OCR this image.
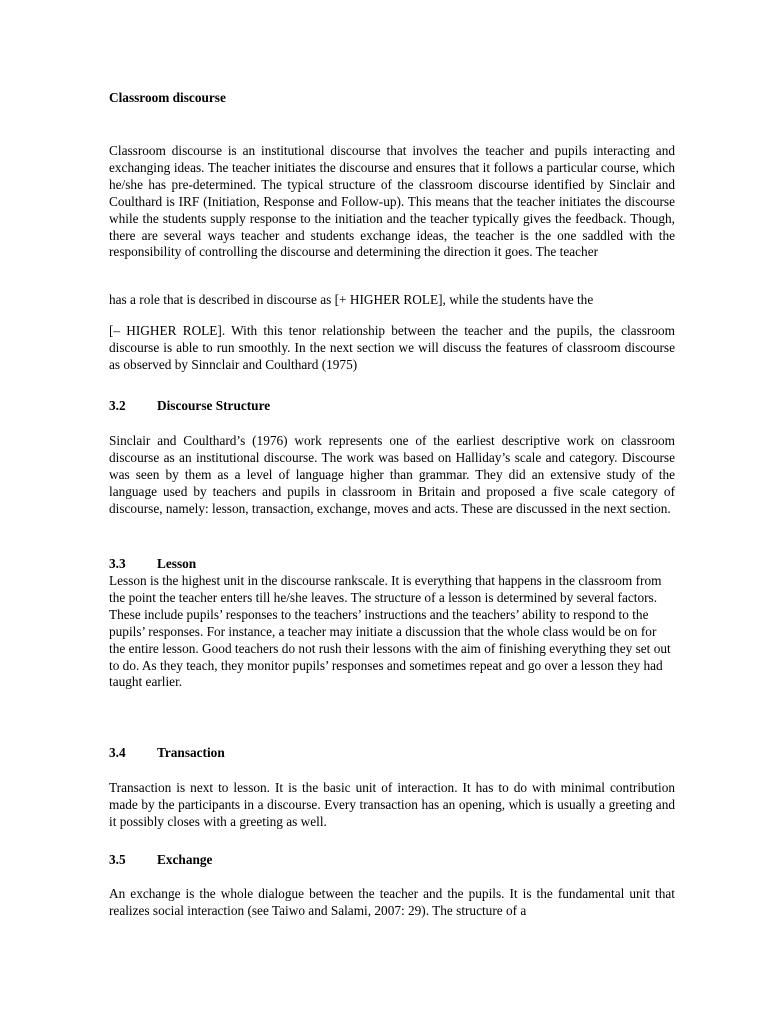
Classroom discourse

Classroom discourse is an institutional discourse that involves the teacher and pupils interacting and exchanging ideas. The teacher initiates the discourse and ensures that it follows a particular course, which he/she has pre-determined. The typical structure of the classroom discourse identified by Sinclair and Coulthard is IRF (Initiation, Response and Follow-up). This means that the teacher initiates the discourse while the students supply response to the initiation and the teacher typically gives the feedback. Though, there are several ways teacher and students exchange ideas, the teacher is the one saddled with the responsibility of controlling the discourse and determining the direction it goes. The teacher

has a role that is described in discourse as [+ HIGHER ROLE], while the students have the

[– HIGHER ROLE]. With this tenor relationship between the teacher and the pupils, the classroom discourse is able to run smoothly. In the next section we will discuss the features of classroom discourse as observed by Sinnclair and Coulthard (1975)

3.2 Discourse Structure

Sinclair and Coulthard’s (1976) work represents one of the earliest descriptive work on classroom discourse as an institutional discourse. The work was based on Halliday’s scale and category. Discourse was seen by them as a level of language higher than grammar. They did an extensive study of the language used by teachers and pupils in classroom in Britain and proposed a five scale category of discourse, namely: lesson, transaction, exchange, moves and acts. These are discussed in the next section.

3.3 Lesson

Lesson is the highest unit in the discourse rankscale. It is everything that happens in the classroom from the point the teacher enters till he/she leaves. The structure of a lesson is determined by several factors. These include pupils’ responses to the teachers’ instructions and the teachers’ ability to respond to the pupils’ responses. For instance, a teacher may initiate a discussion that the whole class would be on for the entire lesson. Good teachers do not rush their lessons with the aim of finishing everything they set out to do. As they teach, they monitor pupils’ responses and sometimes repeat and go over a lesson they had taught earlier.

3.4 Transaction

Transaction is next to lesson. It is the basic unit of interaction. It has to do with minimal contribution made by the participants in a discourse. Every transaction has an opening, which is usually a greeting and it possibly closes with a greeting as well.

3.5 Exchange

An exchange is the whole dialogue between the teacher and the pupils. It is the fundamental unit that realizes social interaction (see Taiwo and Salami, 2007: 29). The structure of a
